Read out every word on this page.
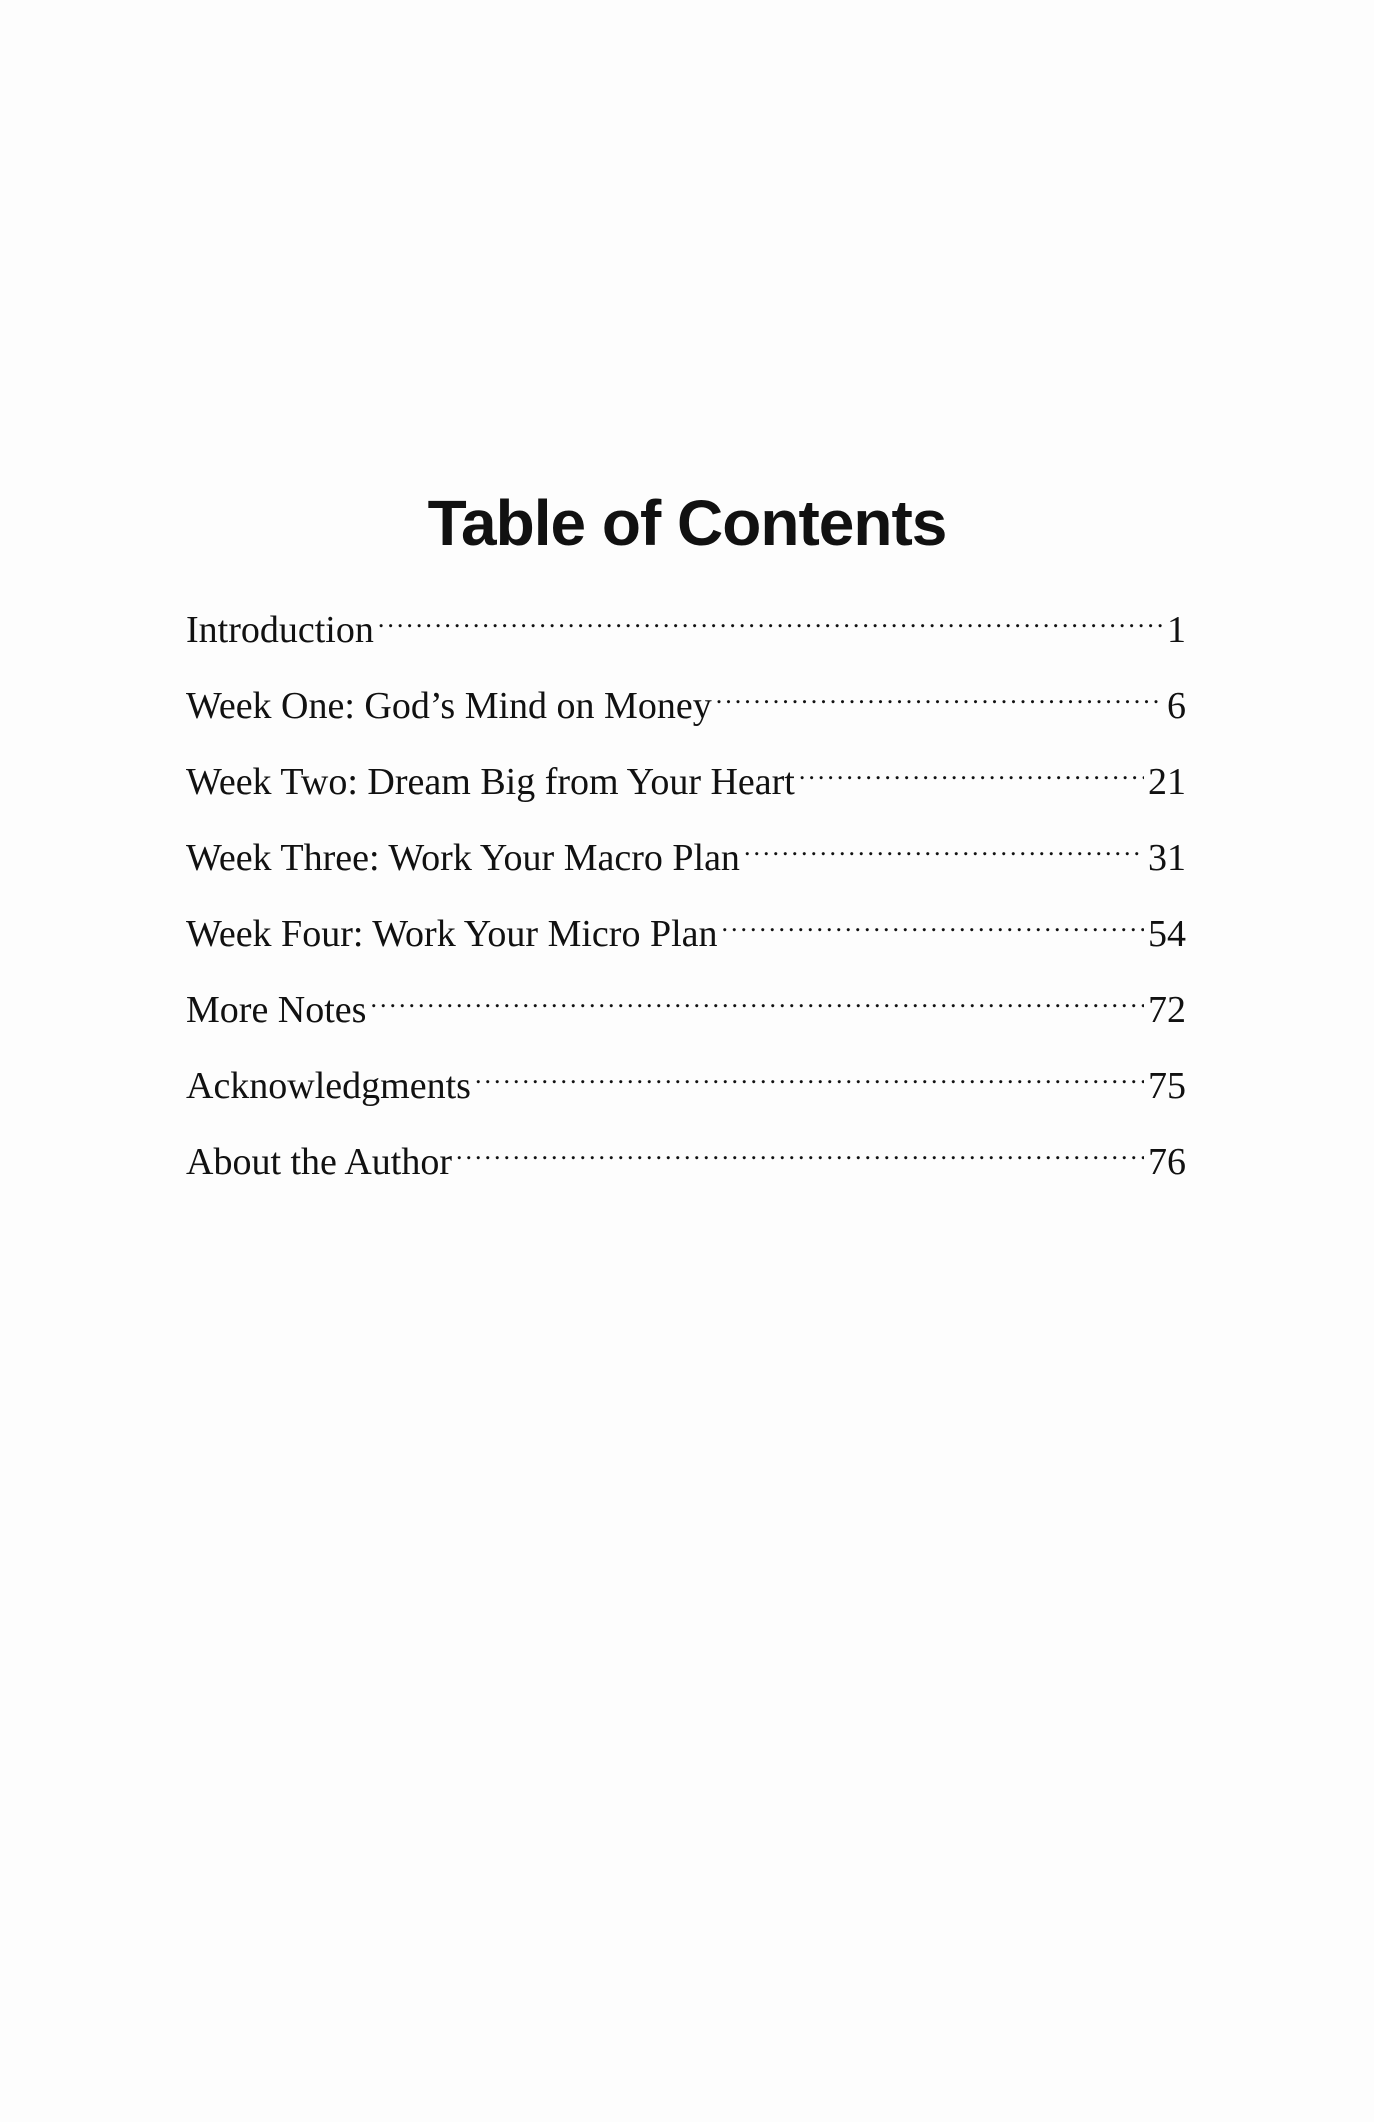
Table of Contents
Introduction .....	1
Week One: God’s Mind on Money .....	6
Week Two: Dream Big from Your Heart .....	21
Week Three: Work Your Macro Plan .....	31
Week Four: Work Your Micro Plan .....	54
More Notes .....	72
Acknowledgments .....	75
About the Author .....	76
